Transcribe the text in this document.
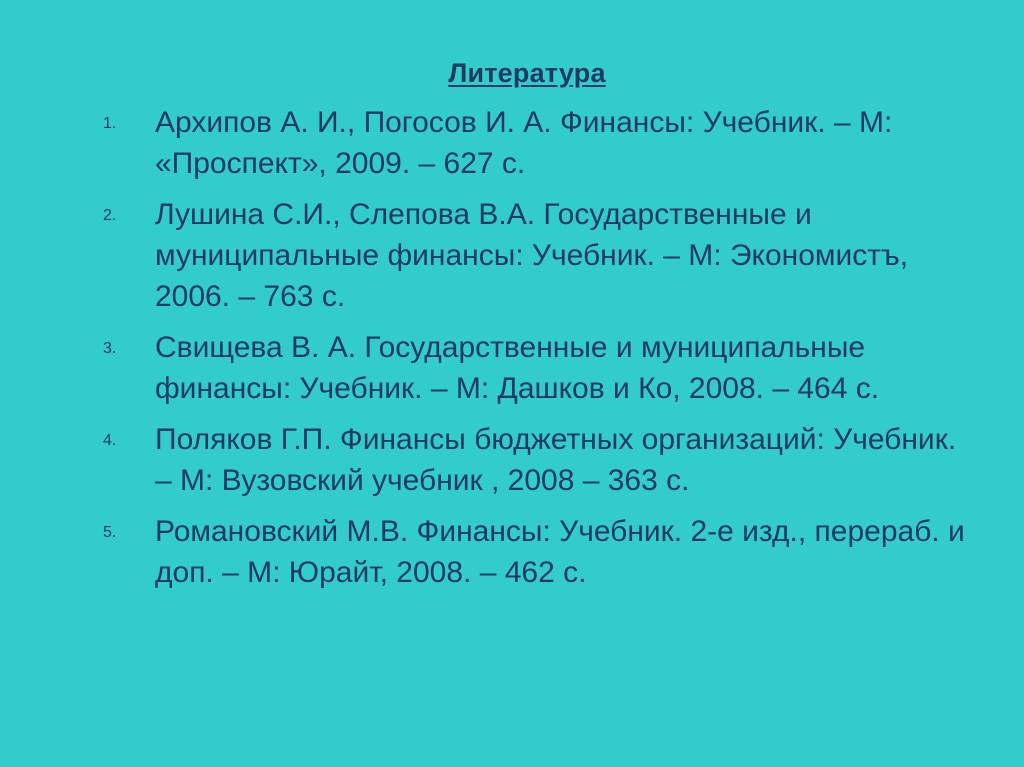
Литература
1. Архипов А. И., Погосов И. А. Финансы: Учебник. – М: «Проспект», 2009. – 627 с.
2. Лушина С.И., Слепова В.А. Государственные и муниципальные финансы: Учебник. – М: Экономистъ, 2006. – 763 с.
3. Свищева В. А. Государственные и муниципальные финансы: Учебник. – М: Дашков и Ко, 2008. – 464 с.
4. Поляков Г.П. Финансы бюджетных организаций: Учебник. – М: Вузовский учебник , 2008 – 363 с.
5. Романовский М.В. Финансы: Учебник. 2-е изд., перераб. и доп. – М: Юрайт, 2008. – 462 с.
